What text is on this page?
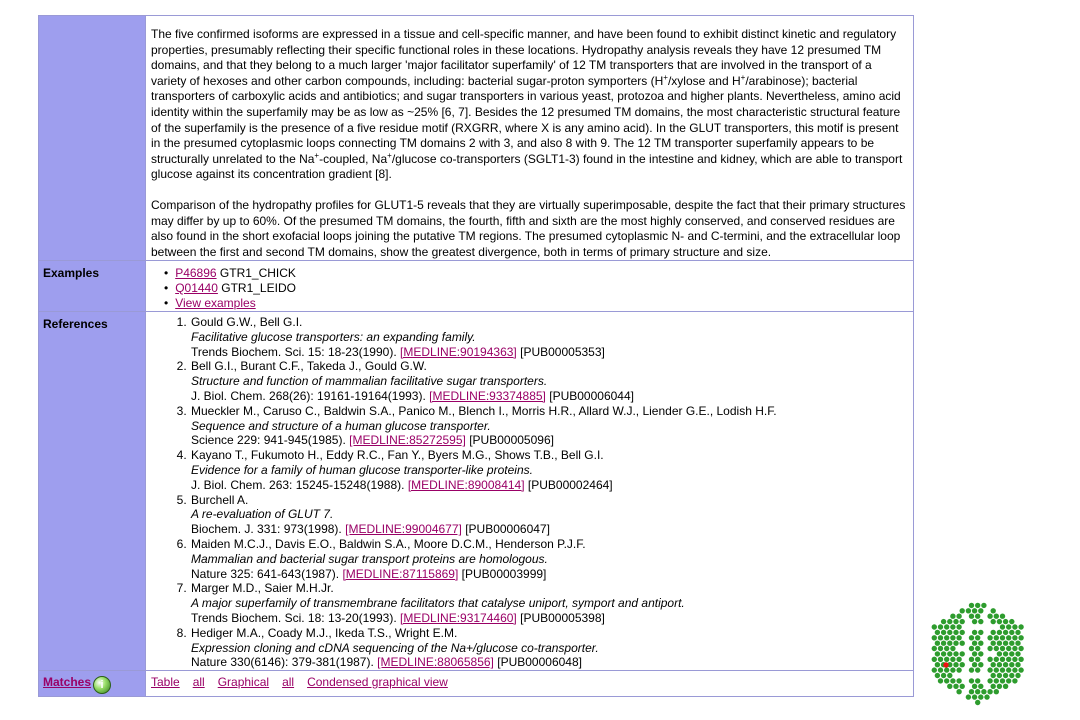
The five confirmed isoforms are expressed in a tissue and cell-specific manner, and have been found to exhibit distinct kinetic and regulatory properties, presumably reflecting their specific functional roles in these locations. Hydropathy analysis reveals they have 12 presumed TM domains, and that they belong to a much larger 'major facilitator superfamily' of 12 TM transporters that are involved in the transport of a variety of hexoses and other carbon compounds, including: bacterial sugar-proton symporters (H+/xylose and H+/arabinose); bacterial transporters of carboxylic acids and antibiotics; and sugar transporters in various yeast, protozoa and higher plants. Nevertheless, amino acid identity within the superfamily may be as low as ~25% [6, 7]. Besides the 12 presumed TM domains, the most characteristic structural feature of the superfamily is the presence of a five residue motif (RXGRR, where X is any amino acid). In the GLUT transporters, this motif is present in the presumed cytoplasmic loops connecting TM domains 2 with 3, and also 8 with 9. The 12 TM transporter superfamily appears to be structurally unrelated to the Na+-coupled, Na+/glucose co-transporters (SGLT1-3) found in the intestine and kidney, which are able to transport glucose against its concentration gradient [8].

Comparison of the hydropathy profiles for GLUT1-5 reveals that they are virtually superimposable, despite the fact that their primary structures may differ by up to 60%. Of the presumed TM domains, the fourth, fifth and sixth are the most highly conserved, and conserved residues are also found in the short exofacial loops joining the putative TM regions. The presumed cytoplasmic N- and C-termini, and the extracellular loop between the first and second TM domains, show the greatest divergence, both in terms of primary structure and size.

Examples	• P46896 GTR1_CHICK
• Q01440 GTR1_LEIDO
• View examples
References	1. Gould G.W., Bell G.I.
Facilitative glucose transporters: an expanding family.
Trends Biochem. Sci. 15: 18-23(1990). [MEDLINE:90194363] [PUB00005353]
2. Bell G.I., Burant C.F., Takeda J., Gould G.W.
Structure and function of mammalian facilitative sugar transporters.
J. Biol. Chem. 268(26): 19161-19164(1993). [MEDLINE:93374885] [PUB00006044]
3. Mueckler M., Caruso C., Baldwin S.A., Panico M., Blench I., Morris H.R., Allard W.J., Liender G.E., Lodish H.F.
Sequence and structure of a human glucose transporter.
Science 229: 941-945(1985). [MEDLINE:85272595] [PUB00005096]
4. Kayano T., Fukumoto H., Eddy R.C., Fan Y., Byers M.G., Shows T.B., Bell G.I.
Evidence for a family of human glucose transporter-like proteins.
J. Biol. Chem. 263: 15245-15248(1988). [MEDLINE:89008414] [PUB00002464]
5. Burchell A.
A re-evaluation of GLUT 7.
Biochem. J. 331: 973(1998). [MEDLINE:99004677] [PUB00006047]
6. Maiden M.C.J., Davis E.O., Baldwin S.A., Moore D.C.M., Henderson P.J.F.
Mammalian and bacterial sugar transport proteins are homologous.
Nature 325: 641-643(1987). [MEDLINE:87115869] [PUB00003999]
7. Marger M.D., Saier M.H.Jr.
A major superfamily of transmembrane facilitators that catalyse uniport, symport and antiport.
Trends Biochem. Sci. 18: 13-20(1993). [MEDLINE:93174460] [PUB00005398]
8. Hediger M.A., Coady M.J., Ikeda T.S., Wright E.M.
Expression cloning and cDNA sequencing of the Na+/glucose co-transporter.
Nature 330(6146): 379-381(1987). [MEDLINE:88065856] [PUB00006048]
Matches i	Table all Graphical all Condensed graphical view
